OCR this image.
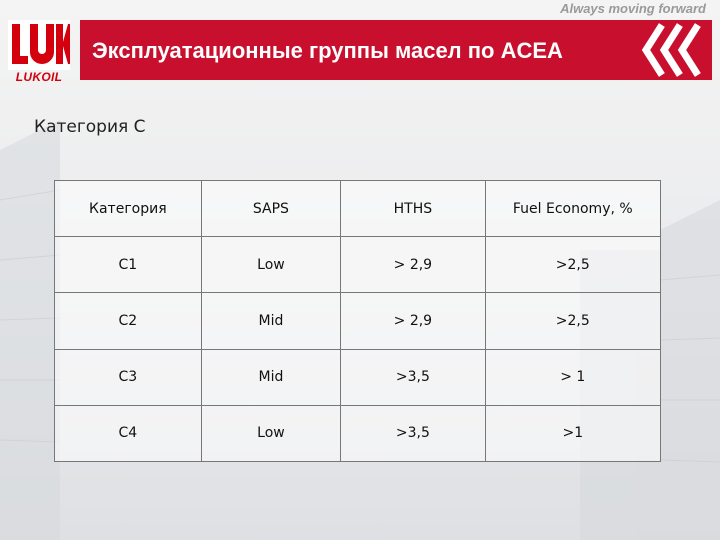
Always moving forward
LUKOIL
Эксплуатационные группы масел по ACEA
Категория С
Категория	SAPS	HTHS	Fuel Economy, %
C1	Low	> 2,9	>2,5
C2	Mid	> 2,9	>2,5
C3	Mid	>3,5	> 1
C4	Low	>3,5	>1
